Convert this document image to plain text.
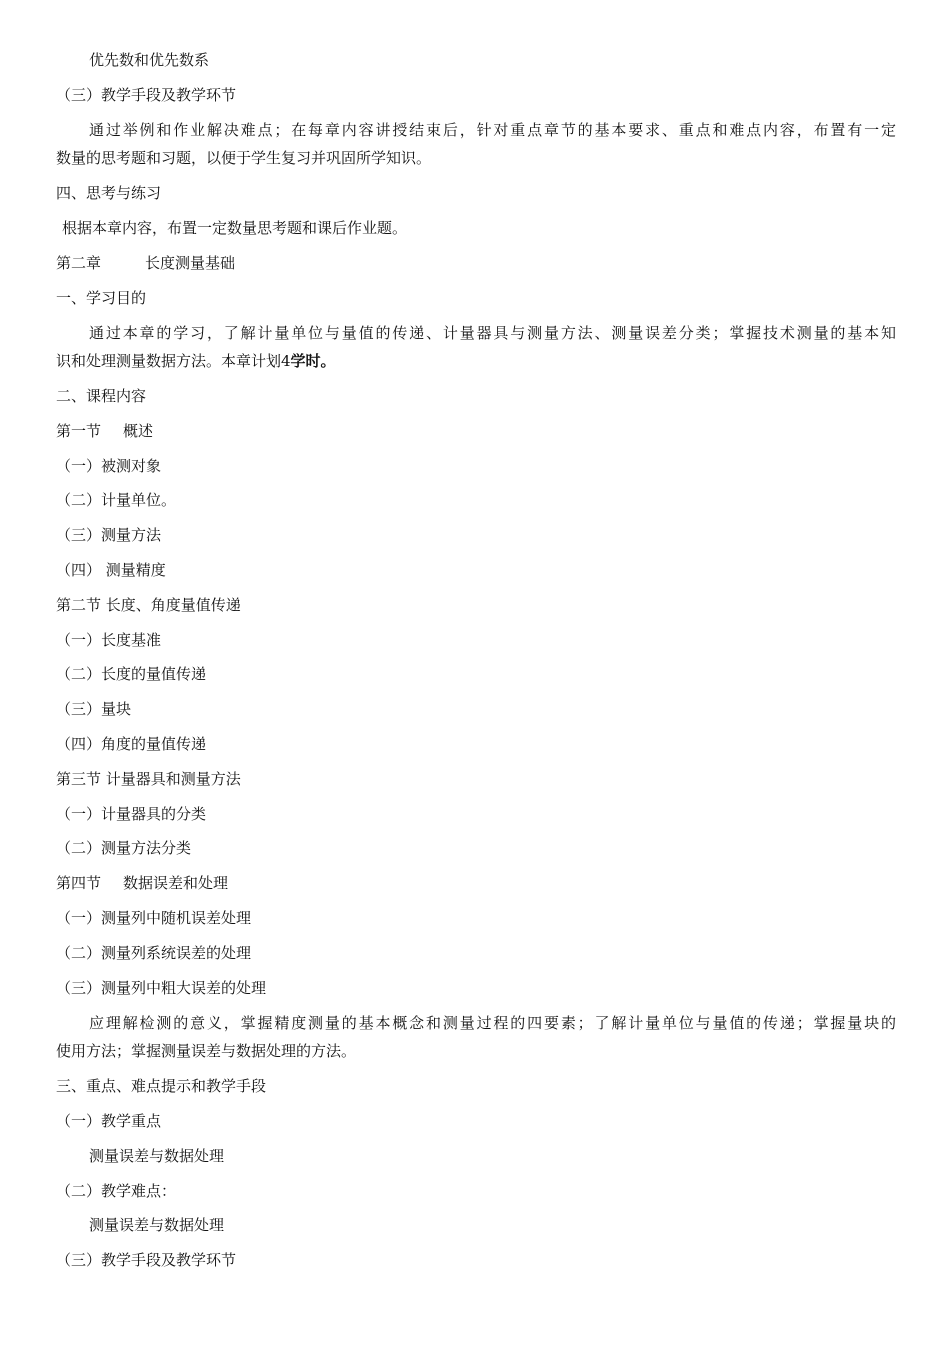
优先数和优先数系
（三）教学手段及教学环节
通过举例和作业解决难点；在每章内容讲授结束后，针对重点章节的基本要求、重点和难点内容，布置有一定
数量的思考题和习题，以便于学生复习并巩固所学知识。
四、思考与练习
根据本章内容，布置一定数量思考题和课后作业题。
第二章	长度测量基础
一、学习目的
通过本章的学习，了解计量单位与量值的传递、计量器具与测量方法、测量误差分类；掌握技术测量的基本知
识和处理测量数据方法。本章计划4学时。
二、课程内容
第一节 概述
（一）被测对象
（二）计量单位。
（三）测量方法
（四） 测量精度
第二节 长度、角度量值传递
（一）长度基准
（二）长度的量值传递
（三）量块
（四）角度的量值传递
第三节 计量器具和测量方法
（一）计量器具的分类
（二）测量方法分类
第四节 数据误差和处理
（一）测量列中随机误差处理
（二）测量列系统误差的处理
（三）测量列中粗大误差的处理
应理解检测的意义，掌握精度测量的基本概念和测量过程的四要素；了解计量单位与量值的传递；掌握量块的
使用方法；掌握测量误差与数据处理的方法。
三、重点、难点提示和教学手段
（一）教学重点
测量误差与数据处理
（二）教学难点：
测量误差与数据处理
（三）教学手段及教学环节
